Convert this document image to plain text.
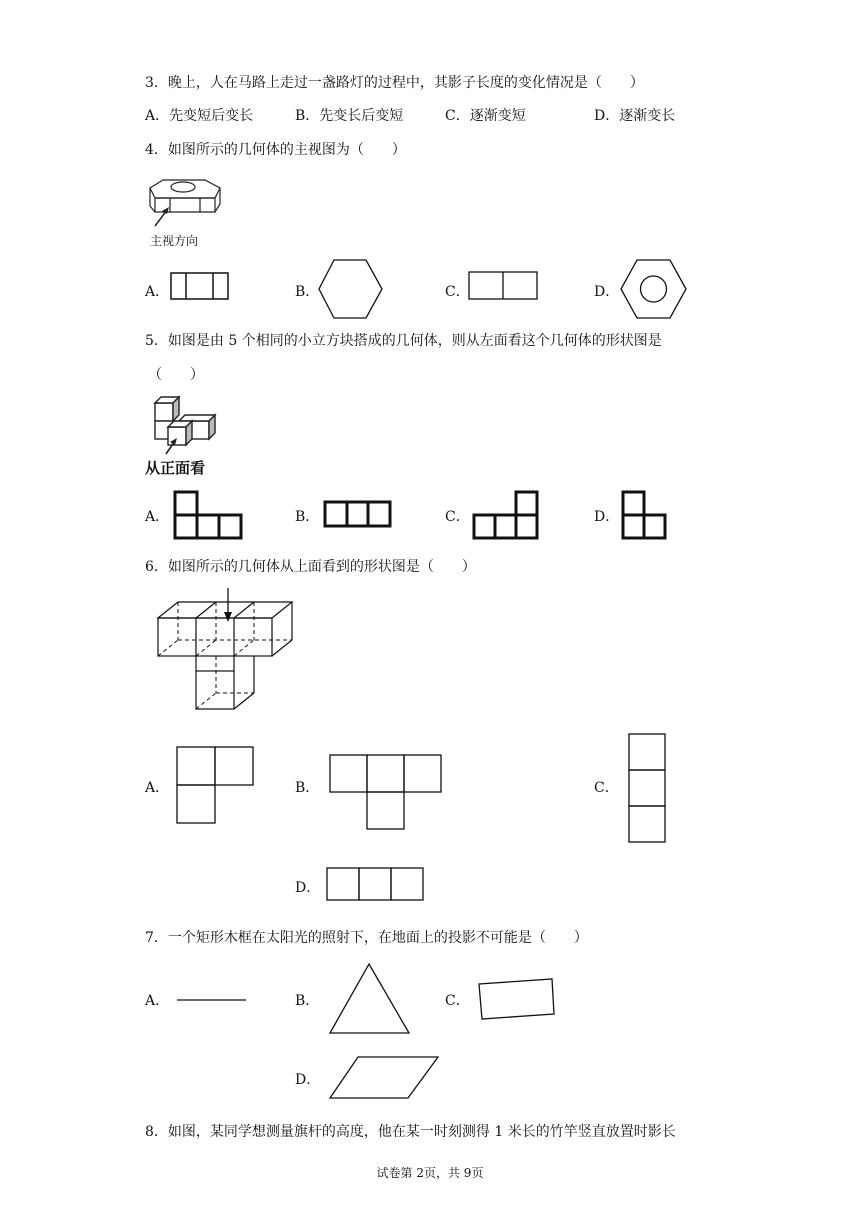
3．晚上，人在马路上走过一盏路灯的过程中，其影子长度的变化情况是（　　）
A．先变短后变长	B．先变长后变短	C．逐渐变短	D．逐渐变长
4．如图所示的几何体的主视图为（　　）
主视方向
A．	B．	C．	D．
5．如图是由 5 个相同的小立方块搭成的几何体，则从左面看这个几何体的形状图是
（　　）
从正面看
A．	B．	C．	D．
6．如图所示的几何体从上面看到的形状图是（　　）
A．	B．	C．
D．
7．一个矩形木框在太阳光的照射下，在地面上的投影不可能是（　　）
A．	B．	C．
D．
8．如图，某同学想测量旗杆的高度，他在某一时刻测得 1 米长的竹竿竖直放置时影长
试卷第 2页，共 9页
